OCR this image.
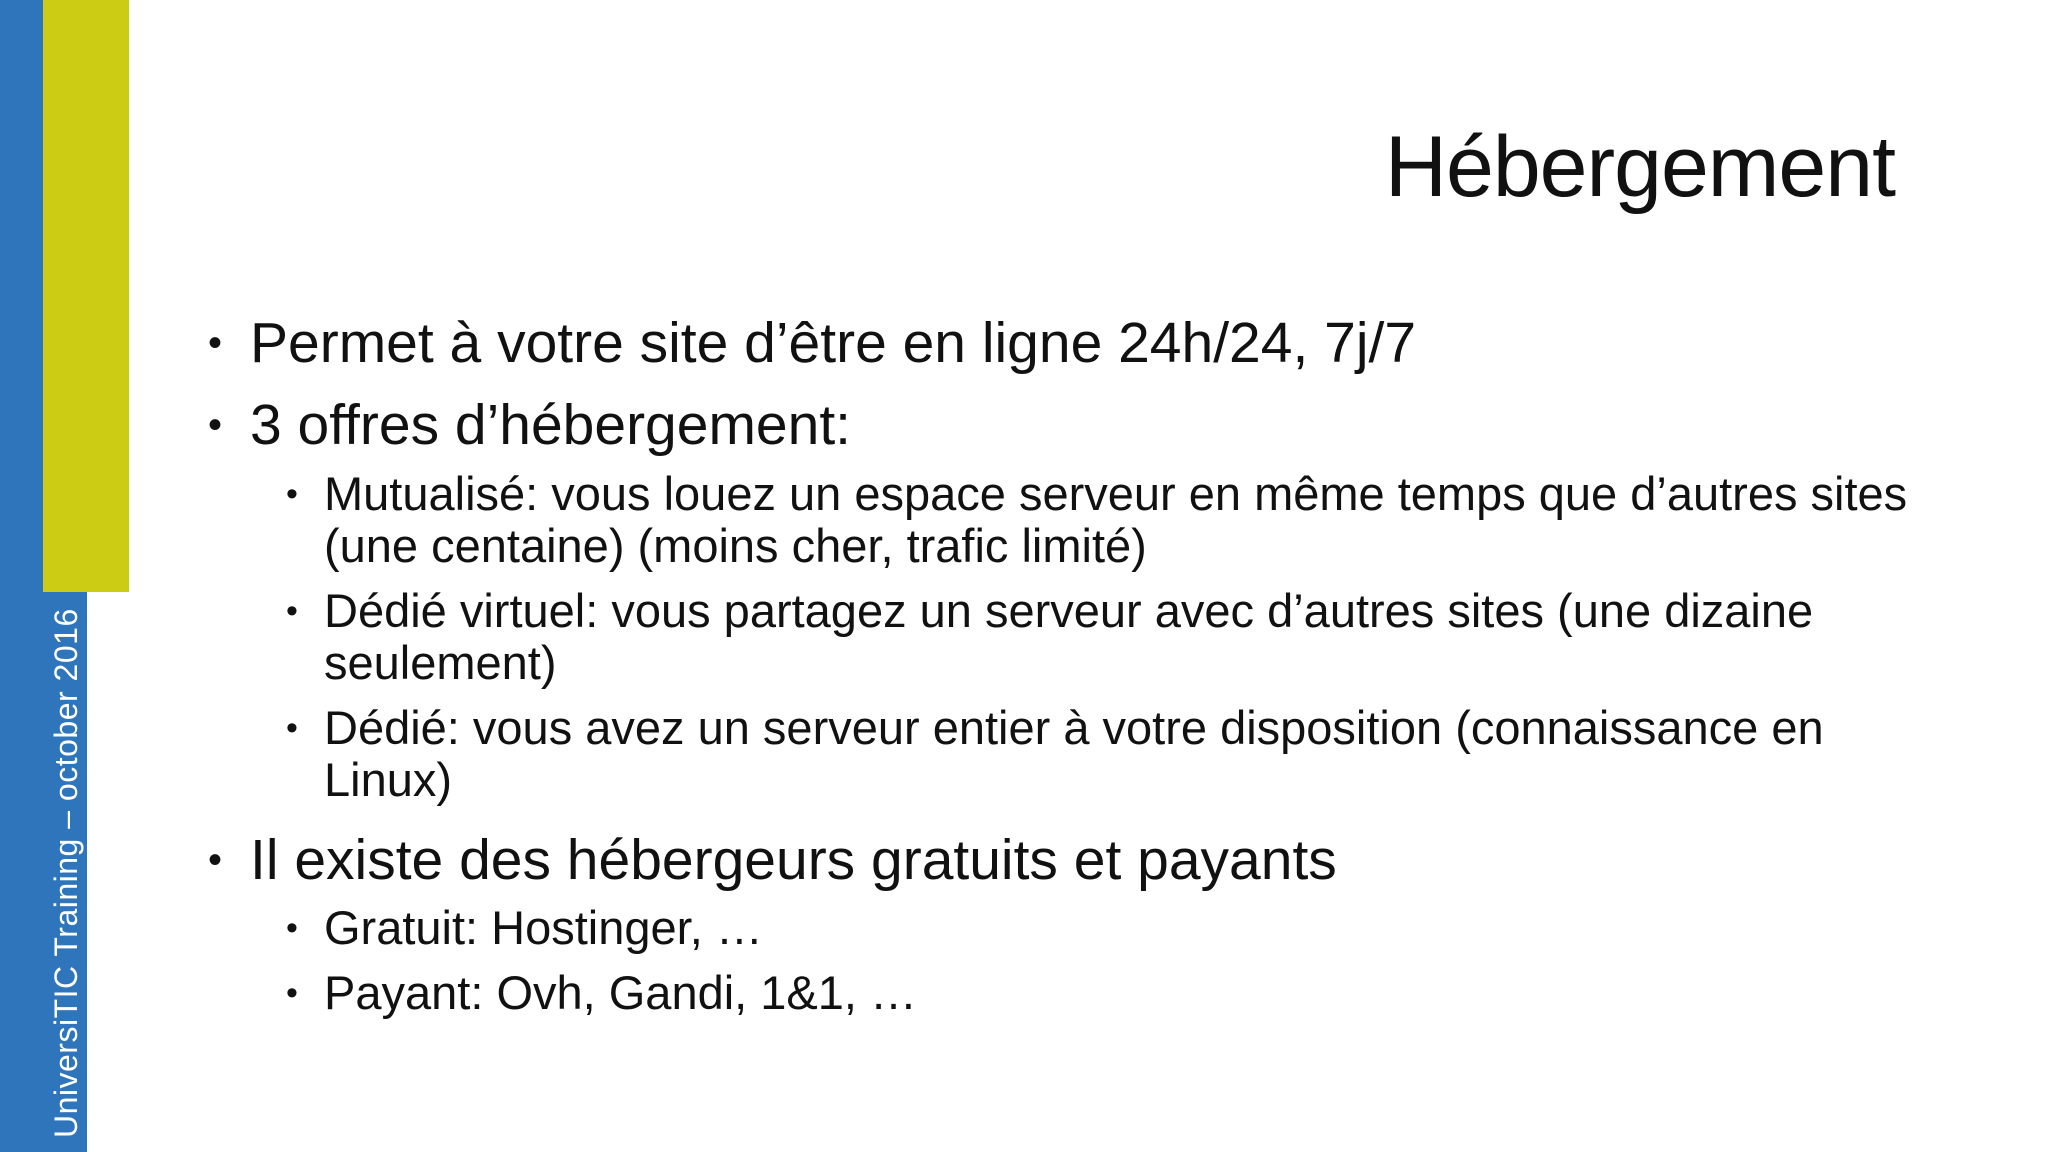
UniversiTIC Training – october 2016
Hébergement
• Permet à votre site d’être en ligne 24h/24, 7j/7
• 3 offres d’hébergement:
• Mutualisé: vous louez un espace serveur en même temps que d’autres sites (une centaine) (moins cher, trafic limité)
• Dédié virtuel: vous partagez un serveur avec d’autres sites (une dizaine seulement)
• Dédié: vous avez un serveur entier à votre disposition (connaissance en Linux)
• Il existe des hébergeurs gratuits et payants
• Gratuit: Hostinger, …
• Payant: Ovh, Gandi, 1&1, …
